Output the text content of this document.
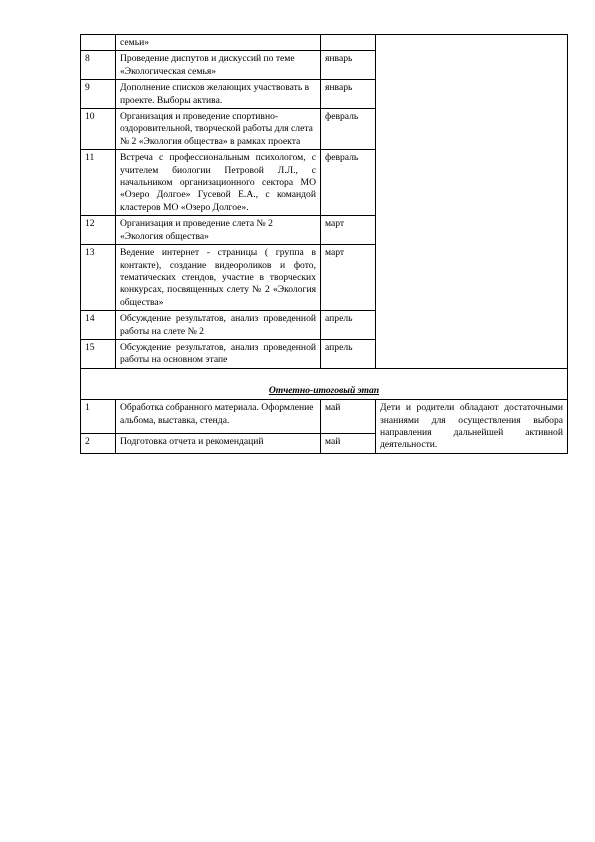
	семьи»		
8	Проведение диспутов и дискуссий по теме «Экологическая семья»	январь	
9	Дополнение списков желающих участвовать в проекте. Выборы актива.	январь	
10	Организация и проведение спортивно-оздоровительной, творческой работы для слета № 2 «Экология общества» в рамках проекта	февраль	
11	Встреча с профессиональным психологом, с учителем биологии Петровой Л.Л., с начальником организационного сектора МО «Озеро Долгое» Гусевой Е.А., с командой кластеров МО «Озеро Долгое».	февраль	
12	Организация и проведение слета № 2 «Экология общества»	март	
13	Ведение интернет - страницы ( группа в контакте), создание видеороликов и фото, тематических стендов, участие в творческих конкурсах, посвященных слету № 2 «Экология общества»	март	
14	Обсуждение результатов, анализ проведенной работы на слете № 2	апрель	
15	Обсуждение результатов, анализ проведенной работы на основном этапе	апрель	
Отчетно-итоговый этап			
1	Обработка собранного материала. Оформление альбома, выставка, стенда.	май	Дети и родители обладают достаточными знаниями для осуществления выбора направления дальнейшей активной деятельности.
2	Подготовка отчета и рекомендаций	май	
